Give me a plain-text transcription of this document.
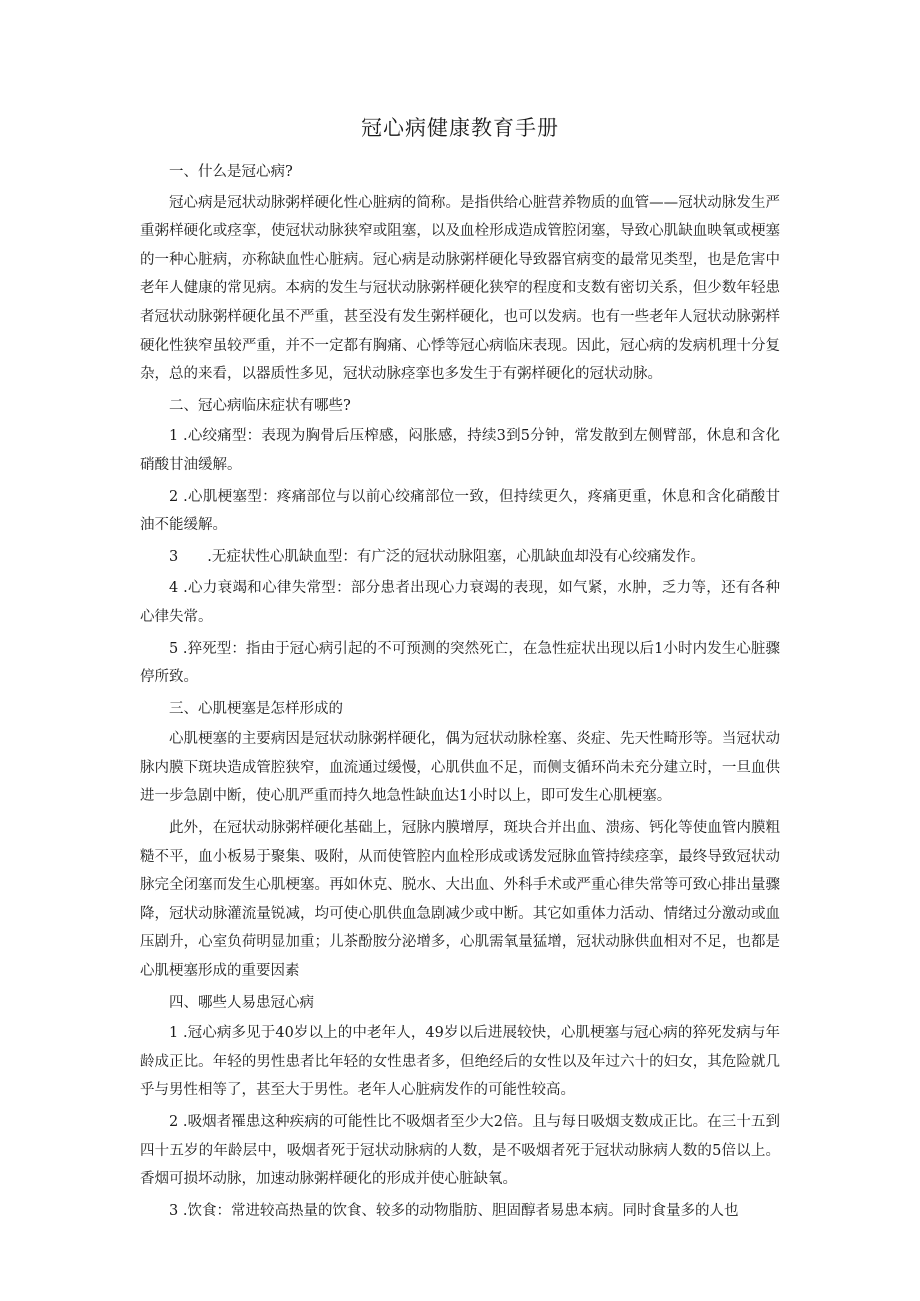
冠心病健康教育手册

一、什么是冠心病?

冠心病是冠状动脉粥样硬化性心脏病的简称。是指供给心脏营养物质的血管——冠状动脉发生严重粥样硬化或痉挛，使冠状动脉狭窄或阻塞，以及血栓形成造成管腔闭塞，导致心肌缺血映氧或梗塞的一种心脏病，亦称缺血性心脏病。冠心病是动脉粥样硬化导致器官病变的最常见类型，也是危害中老年人健康的常见病。本病的发生与冠状动脉粥样硬化狭窄的程度和支数有密切关系，但少数年轻患者冠状动脉粥样硬化虽不严重，甚至没有发生粥样硬化，也可以发病。也有一些老年人冠状动脉粥样硬化性狭窄虽较严重，并不一定都有胸痛、心悸等冠心病临床表现。因此，冠心病的发病机理十分复杂，总的来看，以器质性多见，冠状动脉痉挛也多发生于有粥样硬化的冠状动脉。

二、冠心病临床症状有哪些?

1 .心绞痛型：表现为胸骨后压榨感，闷胀感，持续3到5分钟，常发散到左侧臂部，休息和含化硝酸甘油缓解。

2 .心肌梗塞型：疼痛部位与以前心绞痛部位一致，但持续更久，疼痛更重，休息和含化硝酸甘油不能缓解。

3　　.无症状性心肌缺血型：有广泛的冠状动脉阻塞，心肌缺血却没有心绞痛发作。

4 .心力衰竭和心律失常型：部分患者出现心力衰竭的表现，如气紧，水肿，乏力等，还有各种心律失常。

5 .猝死型：指由于冠心病引起的不可预测的突然死亡，在急性症状出现以后1小时内发生心脏骤停所致。

三、心肌梗塞是怎样形成的

心肌梗塞的主要病因是冠状动脉粥样硬化，偶为冠状动脉栓塞、炎症、先天性畸形等。当冠状动脉内膜下斑块造成管腔狭窄，血流通过缓慢，心肌供血不足，而侧支循环尚未充分建立时，一旦血供进一步急剧中断，使心肌严重而持久地急性缺血达1小时以上，即可发生心肌梗塞。

此外，在冠状动脉粥样硬化基础上，冠脉内膜增厚，斑块合并出血、溃疡、钙化等使血管内膜粗糙不平，血小板易于聚集、吸附，从而使管腔内血栓形成或诱发冠脉血管持续痉挛，最终导致冠状动脉完全闭塞而发生心肌梗塞。再如休克、脱水、大出血、外科手术或严重心律失常等可致心排出量骤降，冠状动脉灌流量锐减，均可使心肌供血急剧减少或中断。其它如重体力活动、情绪过分激动或血压剧升，心室负荷明显加重；儿茶酚胺分泌增多，心肌需氧量猛增，冠状动脉供血相对不足，也都是心肌梗塞形成的重要因素

四、哪些人易患冠心病

1 .冠心病多见于40岁以上的中老年人，49岁以后进展较快，心肌梗塞与冠心病的猝死发病与年龄成正比。年轻的男性患者比年轻的女性患者多，但绝经后的女性以及年过六十的妇女，其危险就几乎与男性相等了，甚至大于男性。老年人心脏病发作的可能性较高。

2 .吸烟者罹患这种疾病的可能性比不吸烟者至少大2倍。且与每日吸烟支数成正比。在三十五到四十五岁的年龄层中，吸烟者死于冠状动脉病的人数，是不吸烟者死于冠状动脉病人数的5倍以上。香烟可损坏动脉，加速动脉粥样硬化的形成并使心脏缺氧。

3 .饮食：常进较高热量的饮食、较多的动物脂肪、胆固醇者易患本病。同时食量多的人也
